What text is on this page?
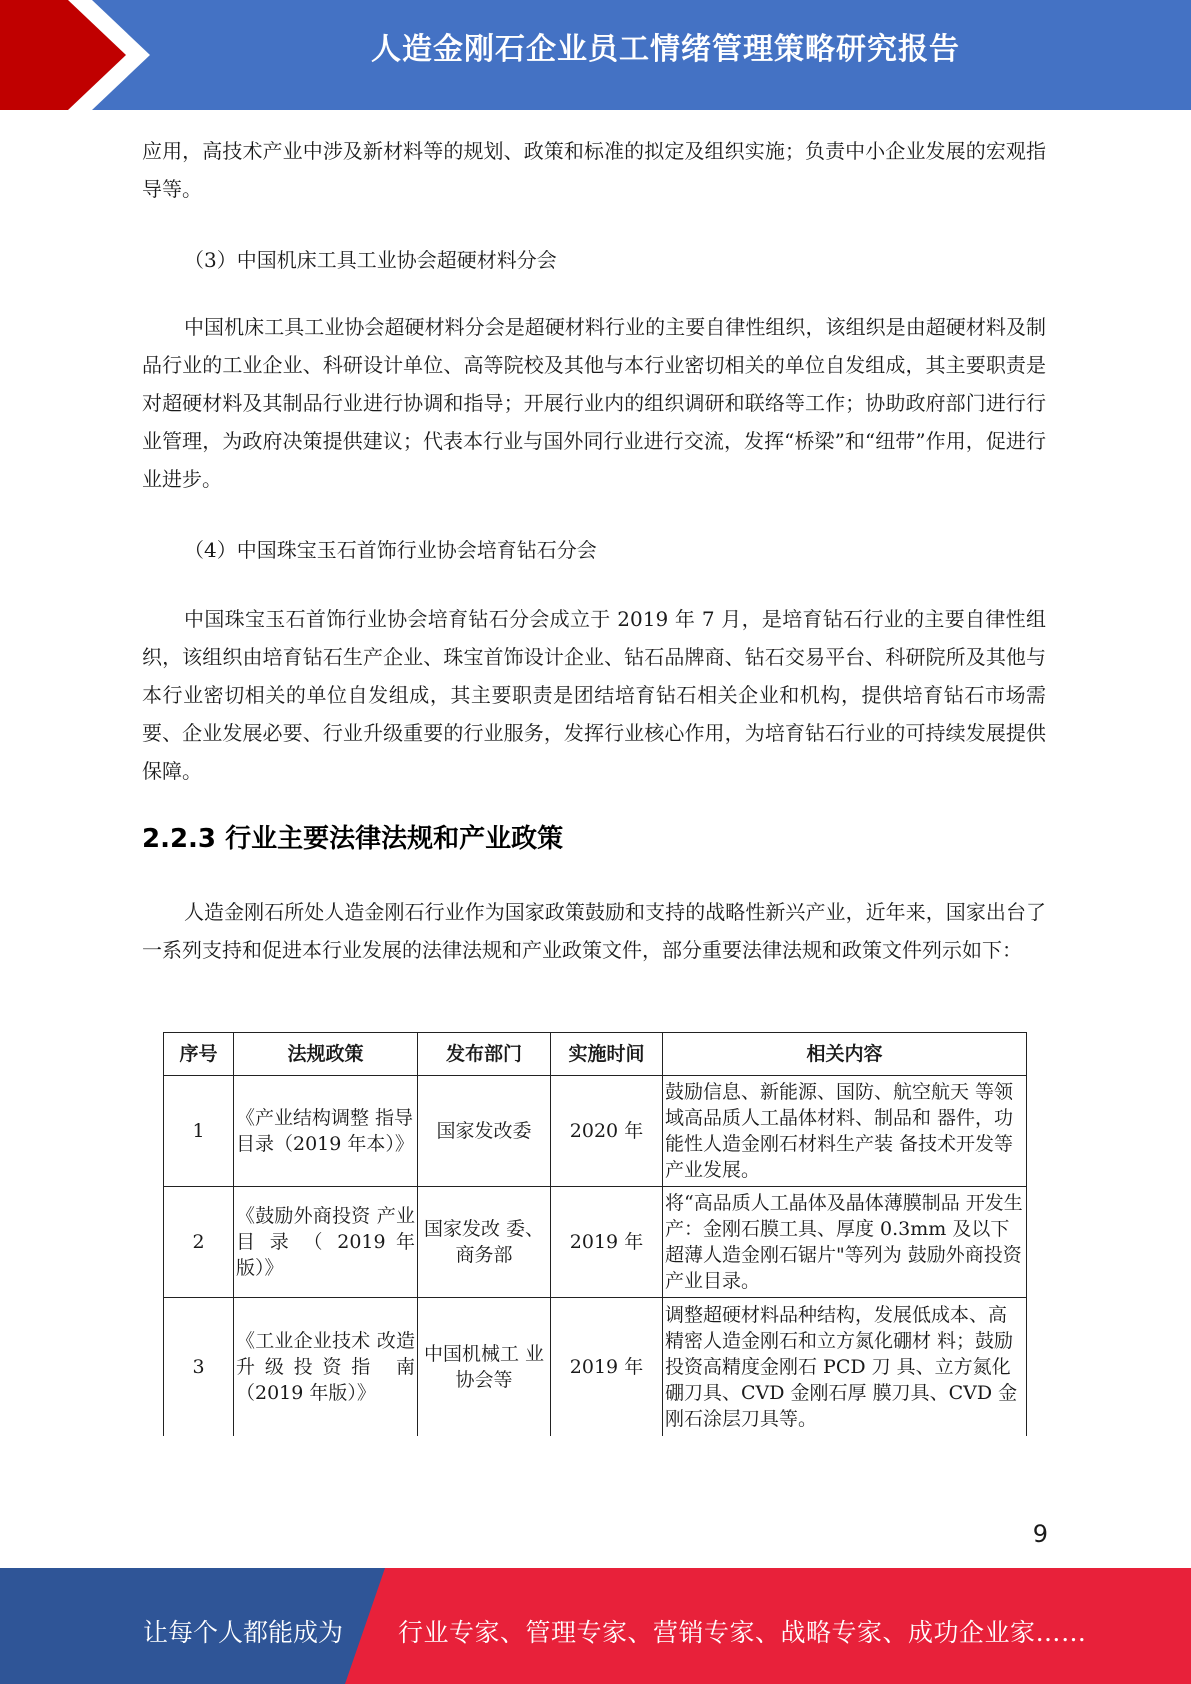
人造金刚石企业员工情绪管理策略研究报告

应用，高技术产业中涉及新材料等的规划、政策和标准的拟定及组织实施；负责中小企业发展的宏观指导等。

（3）中国机床工具工业协会超硬材料分会

中国机床工具工业协会超硬材料分会是超硬材料行业的主要自律性组织，该组织是由超硬材料及制品行业的工业企业、科研设计单位、高等院校及其他与本行业密切相关的单位自发组成，其主要职责是对超硬材料及其制品行业进行协调和指导；开展行业内的组织调研和联络等工作；协助政府部门进行行业管理，为政府决策提供建议；代表本行业与国外同行业进行交流，发挥“桥梁”和“纽带”作用，促进行业进步。

（4）中国珠宝玉石首饰行业协会培育钻石分会

中国珠宝玉石首饰行业协会培育钻石分会成立于 2019 年 7 月，是培育钻石行业的主要自律性组织，该组织由培育钻石生产企业、珠宝首饰设计企业、钻石品牌商、钻石交易平台、科研院所及其他与本行业密切相关的单位自发组成，其主要职责是团结培育钻石相关企业和机构，提供培育钻石市场需要、企业发展必要、行业升级重要的行业服务，发挥行业核心作用，为培育钻石行业的可持续发展提供保障。

2.2.3 行业主要法律法规和产业政策

人造金刚石所处人造金刚石行业作为国家政策鼓励和支持的战略性新兴产业，近年来，国家出台了一系列支持和促进本行业发展的法律法规和产业政策文件，部分重要法律法规和政策文件列示如下：

序号	法规政策	发布部门	实施时间	相关内容
1	《产业结构调整 指导目录（2019 年本）》	国家发改委	2020 年	鼓励信息、新能源、国防、航空航天 等领域高品质人工晶体材料、制品和 器件，功能性人造金刚石材料生产装 备技术开发等产业发展。
2	《鼓励外商投资 产业 目 录 （ 2019 年版）》	国家发改 委、商务部	2019 年	将“高品质人工晶体及晶体薄膜制品 开发生产：金刚石膜工具、厚度 0.3mm 及以下超薄人造金刚石锯片"等列为 鼓励外商投资产业目录。
3	《工业企业技术 改造升级投资指 南（2019 年版）》	中国机械工 业协会等	2019 年	调整超硬材料品种结构，发展低成本、高精密人造金刚石和立方氮化硼材 料；鼓励投资高精度金刚石 PCD 刀 具、立方氮化硼刀具、CVD 金刚石厚 膜刀具、CVD 金刚石涂层刀具等。
9
让每个人都能成为 行业专家、管理专家、营销专家、战略专家、成功企业家……
